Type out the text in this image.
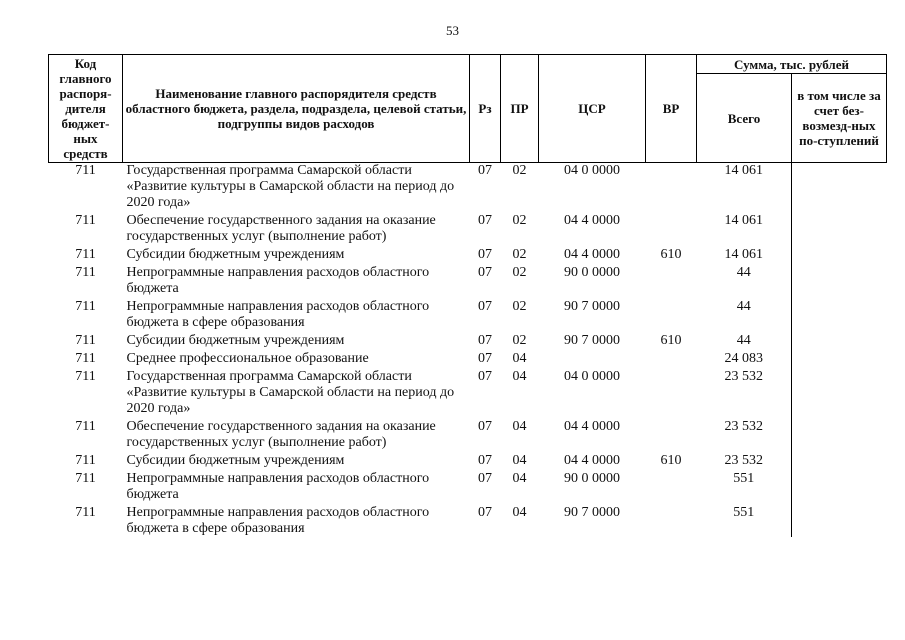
53
Код главного распоря-дителя бюджет-ных средств	Наименование главного распорядителя средств областного бюджета, раздела, подраздела, целевой статьи, подгруппы видов расходов	Рз	ПР	ЦСР	ВР	Сумма, тыс. рублей	
						Всего	в том числе за счет без-возмезд-ных по-ступлений
711	Государственная программа Самарской области «Развитие культуры в Самарской области на период до 2020 года»	07	02	04 0 0000		14 061	
711	Обеспечение государственного задания на оказание государственных услуг (выполнение работ)	07	02	04 4 0000		14 061	
711	Субсидии бюджетным учреждениям	07	02	04 4 0000	610	14 061	
711	Непрограммные направления расходов областного бюджета	07	02	90 0 0000		44	
711	Непрограммные направления расходов областного бюджета в сфере образования	07	02	90 7 0000		44	
711	Субсидии бюджетным учреждениям	07	02	90 7 0000	610	44	
711	Среднее профессиональное образование	07	04			24 083	
711	Государственная программа Самарской области «Развитие культуры в Самарской области на период до 2020 года»	07	04	04 0 0000		23 532	
711	Обеспечение государственного задания на оказание государственных услуг (выполнение работ)	07	04	04 4 0000		23 532	
711	Субсидии бюджетным учреждениям	07	04	04 4 0000	610	23 532	
711	Непрограммные направления расходов областного бюджета	07	04	90 0 0000		551	
711	Непрограммные направления расходов областного бюджета в сфере образования	07	04	90 7 0000		551	
